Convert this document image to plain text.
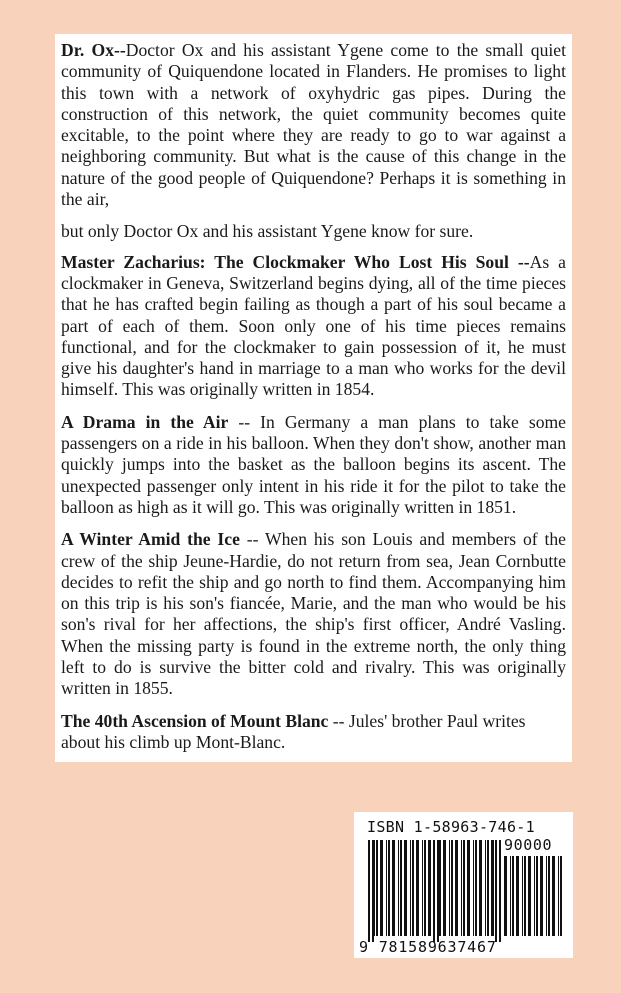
Dr. Ox--Doctor Ox and his assistant Ygene come to the small quiet community of Quiquendone located in Flanders. He promises to light this town with a network of oxyhydric gas pipes. During the construction of this network, the quiet community becomes quite excitable, to the point where they are ready to go to war against a neighboring community. But what is the cause of this change in the nature of the good people of Quiquendone? Perhaps it is something in the air,

but only Doctor Ox and his assistant Ygene know for sure.

Master Zacharius: The Clockmaker Who Lost His Soul --As a clockmaker in Geneva, Switzerland begins dying, all of the time pieces that he has crafted begin failing as though a part of his soul became a part of each of them. Soon only one of his time pieces remains functional, and for the clockmaker to gain possession of it, he must give his daughter's hand in marriage to a man who works for the devil himself. This was originally written in 1854.

A Drama in the Air -- In Germany a man plans to take some passengers on a ride in his balloon. When they don't show, another man quickly jumps into the basket as the balloon begins its ascent. The unexpected passenger only intent in his ride it for the pilot to take the balloon as high as it will go. This was originally written in 1851.

A Winter Amid the Ice -- When his son Louis and members of the crew of the ship Jeune-Hardie, do not return from sea, Jean Cornbutte decides to refit the ship and go north to find them. Accompanying him on this trip is his son's fiancée, Marie, and the man who would be his son's rival for her affections, the ship's first officer, André Vasling. When the missing party is found in the extreme north, the only thing left to do is survive the bitter cold and rivalry. This was originally written in 1855.

The 40th Ascension of Mount Blanc -- Jules' brother Paul writes about his climb up Mont-Blanc.

ISBN 1-58963-746-1
90000
9 781589637467
